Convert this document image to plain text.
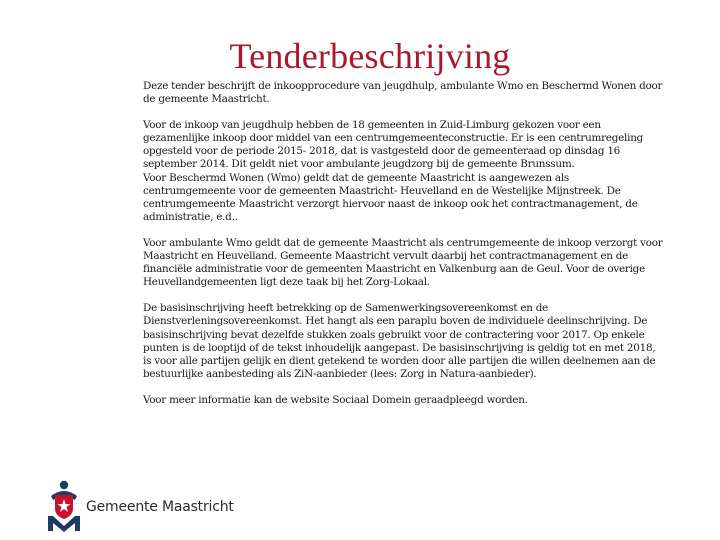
Tenderbeschrijving

Deze tender beschrijft de inkoopprocedure van jeugdhulp, ambulante Wmo en Beschermd Wonen door de gemeente Maastricht.

Voor de inkoop van jeugdhulp hebben de 18 gemeenten in Zuid-Limburg gekozen voor een gezamenlijke inkoop door middel van een centrumgemeenteconstructie. Er is een centrumregeling opgesteld voor de periode 2015- 2018, dat is vastgesteld door de gemeenteraad op dinsdag 16 september 2014. Dit geldt niet voor ambulante jeugdzorg bij de gemeente Brunssum.

Voor Beschermd Wonen (Wmo) geldt dat de gemeente Maastricht is aangewezen als centrumgemeente voor de gemeenten Maastricht- Heuvelland en de Westelijke Mijnstreek. De centrumgemeente Maastricht verzorgt hiervoor naast de inkoop ook het contractmanagement, de administratie, e.d..

Voor ambulante Wmo geldt dat de gemeente Maastricht als centrumgemeente de inkoop verzorgt voor Maastricht en Heuvelland. Gemeente Maastricht vervult daarbij het contractmanagement en de financiële administratie voor de gemeenten Maastricht en Valkenburg aan de Geul. Voor de overige Heuvellandgemeenten ligt deze taak bij het Zorg-Lokaal.

De basisinschrijving heeft betrekking op de Samenwerkingsovereenkomst en de Dienstverleningsovereenkomst. Het hangt als een paraplu boven de individuele deelinschrijving. De basisinschrijving bevat dezelfde stukken zoals gebruikt voor de contractering voor 2017. Op enkele punten is de looptijd of de tekst inhoudelijk aangepast. De basisinschrijving is geldig tot en met 2018, is voor alle partijen gelijk en dient getekend te worden door alle partijen die willen deelnemen aan de bestuurlijke aanbesteding als ZiN-aanbieder (lees: Zorg in Natura-aanbieder).

Voor meer informatie kan de website Sociaal Domein geraadpleegd worden.

Gemeente Maastricht
